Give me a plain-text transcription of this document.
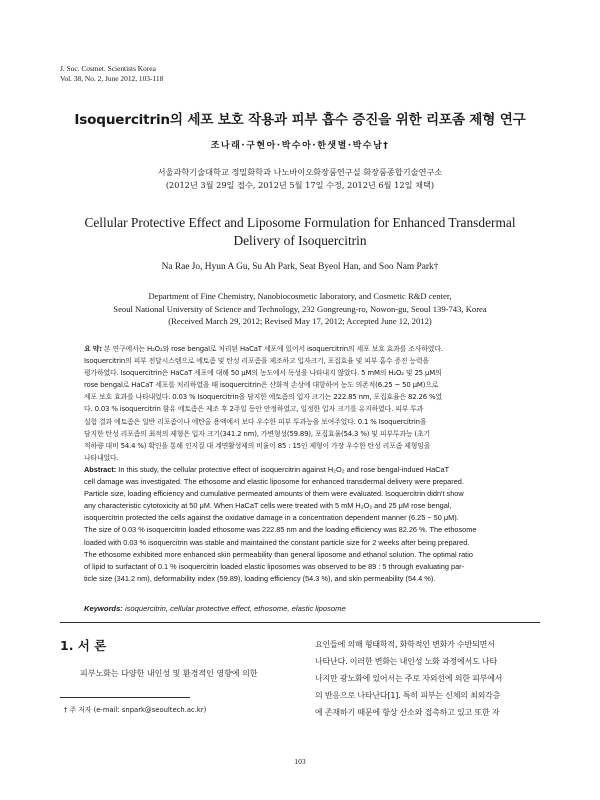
J. Soc. Cosmet. Scientists Korea
Vol. 38, No. 2, June 2012, 103-118
Isoquercitrin의 세포 보호 작용과 피부 흡수 증진을 위한 리포좀 제형 연구
조나래·구현아·박수아·한샛별·박수남†
서울과학기술대학교 정밀화학과 나노바이오화장품연구실 화장품종합기술연구소
(2012년 3월 29일 접수, 2012년 5월 17일 수정, 2012년 6월 12일 채택)
Cellular Protective Effect and Liposome Formulation for Enhanced Transdermal
Delivery of Isoquercitrin
Na Rae Jo, Hyun A Gu, Su Ah Park, Seat Byeol Han, and Soo Nam Park†
Department of Fine Chemistry, Nanobiocosmetic laboratory, and Cosmetic R&D center,
Seoul National University of Science and Technology, 232 Gongreung-ro, Nowon-gu, Seoul 139-743, Korea
(Received March 29, 2012; Revised May 17, 2012; Accepted June 12, 2012)
요 약: 본 연구에서는 H₂O₂와 rose bengal로 처리된 HaCaT 세포에 있어서 isoquercitrin의 세포 보호 효과를 조사하였다.
Isoquercitrin의 피부 전달시스템으로 에토좀 및 탄성 리포좀을 제조하고 입자크기, 포집효율 및 피부 흡수 증진 능력을
평가하였다. Isoquercitrin은 HaCaT 세포에 대해 50 μM의 농도에서 독성을 나타내지 않았다. 5 mM의 H₂O₂ 및 25 μM의
rose bengal로 HaCaT 세포를 처리하였을 때 isoquercitrin은 산화적 손상에 대항하여 농도 의존적(6.25 ~ 50 μM)으로
세포 보호 효과를 나타내었다. 0.03 % Isoquercitrin을 담지한 에토좀의 입자 크기는 222.85 nm, 포집효율은 82.26 %였
다. 0.03 % isoquercitrin 함유 에토좀은 제조 후 2주일 동안 안정하였고, 일정한 입자 크기를 유지하였다. 피부 투과
실험 결과 에토좀은 일반 리포좀이나 에탄올 용액에서 보다 우수한 피부 투과능을 보여주었다. 0.1 % Isoquercitrin을
담지한 탄성 리포좀의 최적의 제형은 입자 크기(341.2 nm), 가변형성(59.89), 포집효율(54.3 %) 및 피부투과능 (초기
적하량 대비 54.4 %) 확인을 통해 인지질 대 계면활성제의 비율이 85 : 15인 제형이 가장 우수한 탄성 리포좀 제형임을
나타내었다.
Abstract: In this study, the cellular protective effect of isoquercitrin against H₂O₂ and rose bengal-indued HaCaT
cell damage was investigated. The ethosome and elastic liposome for enhanced transdermal delivery were prepared.
Particle size, loading efficiency and cumulative permeated amounts of them were evaluated. Isoquercitrin didn't show
any characteristic cytotoxicity at 50 μM. When HaCaT cells were treated with 5 mM H₂O₂ and 25 μM rose bengal,
isoquercitrin protected the cells against the oxidative damage in a concentration dependent manner (6.25 ~ 50 μM).
The size of 0.03 % isoquercitrin loaded ethosome was 222.85 nm and the loading efficiency was 82.26 %. The ethosome
loaded with 0.03 % isoquercitrin was stable and maintained the constant particle size for 2 weeks after being prepared.
The ethosome exhibited more enhanced skin permeability than general liposome and ethanol solution. The optimal ratio
of lipid to surfactant of 0.1 % isoquercitrin loaded elastic liposomes was observed to be 89 : 5 through evaluating par-
ticle size (341.2 nm), deformability index (59.89), loading efficiency (54.3 %), and skin permeability (54.4 %).
Keywords: isoquercitrin, cellular protective effect, ethosome, elastic liposome
1. 서 론
피부노화는 다양한 내인성 및 환경적인 영향에 의한
요인들에 의해 형태학적, 화학적인 변화가 수반되면서
나타난다. 이러한 변화는 내인성 노화 과정에서도 나타
나지만 광노화에 있어서는 주로 자외선에 의한 피부에서
의 반응으로 나타난다[1]. 특히 피부는 신체의 최외각층
에 존재하기 때문에 항상 산소와 접촉하고 있고 또한 자
† 주 저자 (e-mail: snpark@seoultech.ac.kr)
103
